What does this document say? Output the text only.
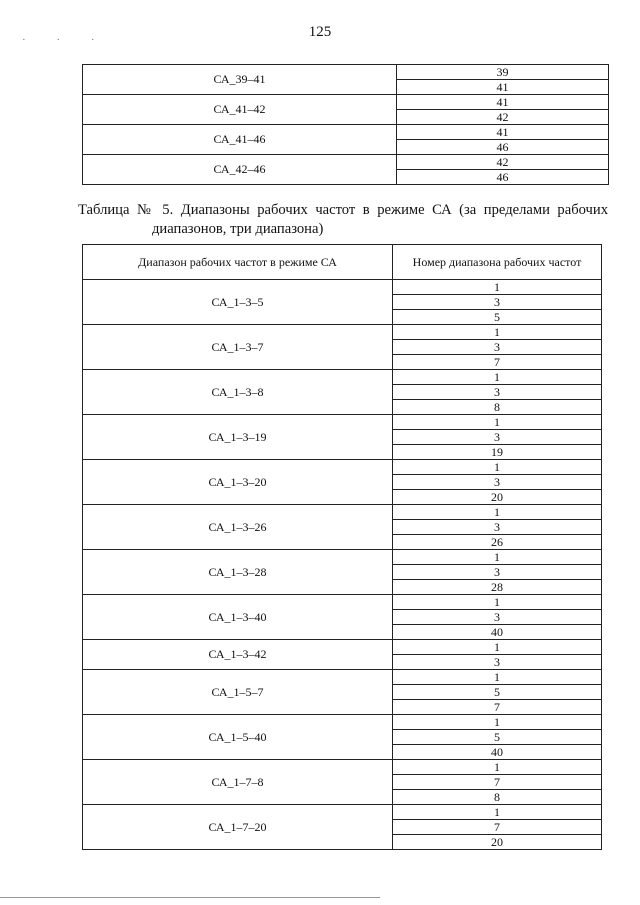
· · ·	125
СА_39–41	39
	41
СА_41–42	41
	42
СА_41–46	41
	46
СА_42–46	42
	46
Таблица № 5. Диапазоны рабочих частот в режиме СА (за пределами рабочих
диапазонов, три диапазона)
Диапазон рабочих частот в режиме СА	Номер диапазона рабочих частот
СА_1–3–5	1
	3
	5
СА_1–3–7	1
	3
	7
СА_1–3–8	1
	3
	8
СА_1–3–19	1
	3
	19
СА_1–3–20	1
	3
	20
СА_1–3–26	1
	3
	26
СА_1–3–28	1
	3
	28
СА_1–3–40	1
	3
	40
СА_1–3–42	1
	3
СА_1–5–7	1
	5
	7
СА_1–5–40	1
	5
	40
СА_1–7–8	1
	7
	8
СА_1–7–20	1
	7
	20
